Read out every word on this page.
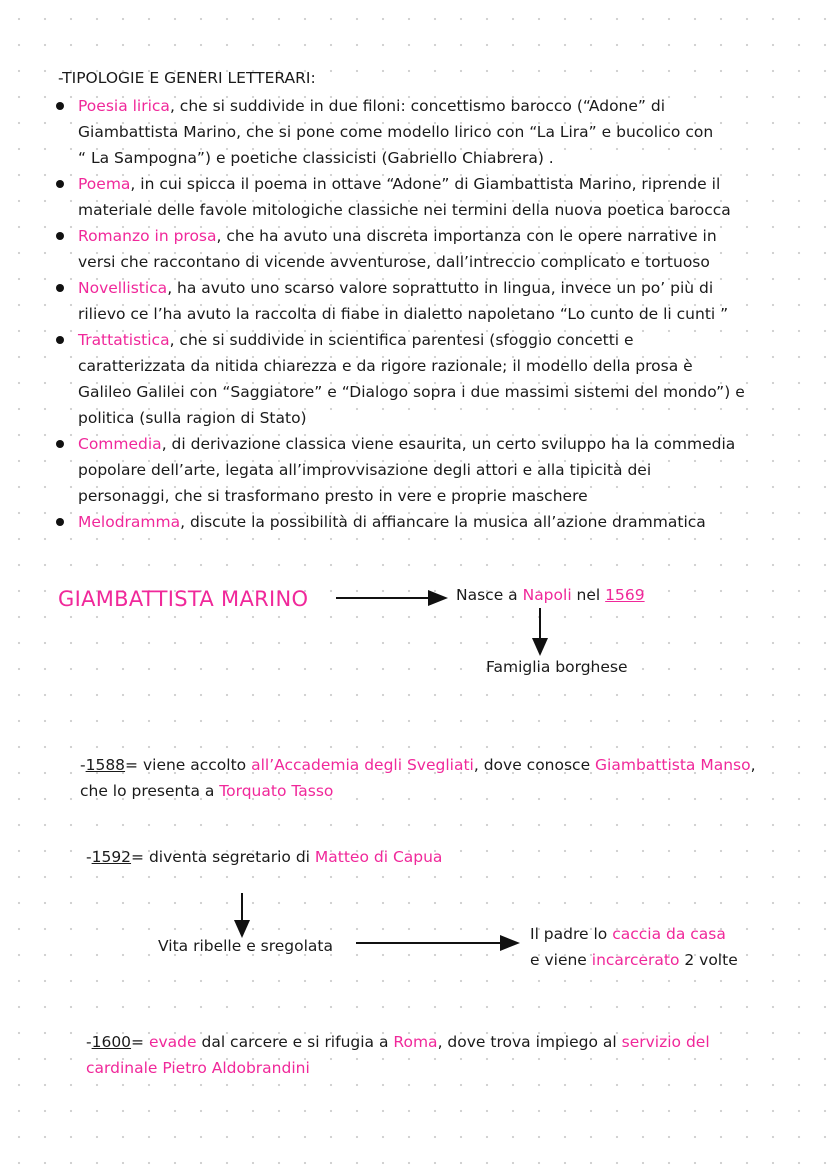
-TIPOLOGIE E GENERI LETTERARI:
Poesia lirica, che si suddivide in due filoni: concettismo barocco (“Adone” di
Giambattista Marino, che si pone come modello lirico con “La Lira” e bucolico con
“ La Sampogna”) e poetiche classicisti (Gabriello Chiabrera) .
Poema, in cui spicca il poema in ottave “Adone” di Giambattista Marino, riprende il
materiale delle favole mitologiche classiche nei termini della nuova poetica barocca
Romanzo in prosa, che ha avuto una discreta importanza con le opere narrative in
versi che raccontano di vicende avventurose, dall’intreccio complicato e tortuoso
Novellistica, ha avuto uno scarso valore soprattutto in lingua, invece un po’ più di
rilievo ce l’ha avuto la raccolta di fiabe in dialetto napoletano “Lo cunto de li cunti ”
Trattatistica, che si suddivide in scientifica parentesi (sfoggio concetti e
caratterizzata da nitida chiarezza e da rigore razionale; il modello della prosa è
Galileo Galilei con “Saggiatore” e “Dialogo sopra i due massimi sistemi del mondo”) e
politica (sulla ragion di Stato)
Commedia, di derivazione classica viene esaurita, un certo sviluppo ha la commedia
popolare dell’arte, legata all’improvvisazione degli attori e alla tipicità dei
personaggi, che si trasformano presto in vere e proprie maschere
Melodramma, discute la possibilità di affiancare la musica all’azione drammatica
GIAMBATTISTA MARINO	Nasce a Napoli nel 1569
Famiglia borghese
-1588= viene accolto all’Accademia degli Svegliati, dove conosce Giambattista Manso,
che lo presenta a Torquato Tasso
-1592= diventa segretario di Matteo di Capua
Vita ribelle e sregolata
Il padre lo caccia da casa
e viene incarcerato 2 volte
-1600= evade dal carcere e si rifugia a Roma, dove trova impiego al servizio del
cardinale Pietro Aldobrandini
